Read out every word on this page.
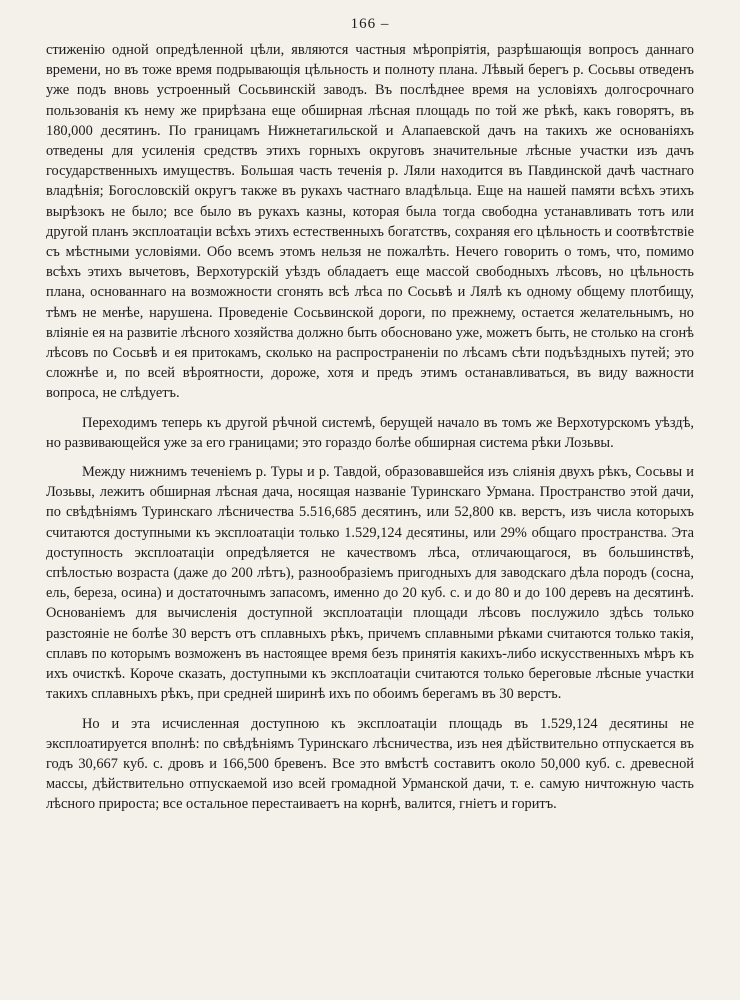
166 –

стиженію одной опредѣленной цѣли, являются частныя мѣропріятія, разрѣшающія вопросъ даннаго времени, но въ тоже время подрывающія цѣльность и полноту плана. Лѣвый берегъ р. Сосьвы отведенъ уже подъ вновь устроенный Сосьвинскій заводъ. Въ послѣднее время на условіяхъ долгосрочнаго пользованія къ нему же прирѣзана еще обширная лѣсная площадь по той же рѣкѣ, какъ говорятъ, въ 180,000 десятинъ. По границамъ Нижнетагильской и Алапаевской дачъ на такихъ же основаніяхъ отведены для усиленія средствъ этихъ горныхъ округовъ значительные лѣсные участки изъ дачъ государственныхъ имуществъ. Большая часть теченія р. Ляли находится въ Павдинской дачѣ частнаго владѣнія; Богословскій округъ также въ рукахъ частнаго владѣльца. Еще на нашей памяти всѣхъ этихъ вырѣзокъ не было; все было въ рукахъ казны, которая была тогда свободна устанавливать тотъ или другой планъ эксплоатаціи всѣхъ этихъ естественныхъ богатствъ, сохраняя его цѣльность и соотвѣтствіе съ мѣстными условіями. Обо всемъ этомъ нельзя не пожалѣть. Нечего говорить о томъ, что, помимо всѣхъ этихъ вычетовъ, Верхотурскій уѣздъ обладаетъ еще массой свободныхъ лѣсовъ, но цѣльность плана, основаннаго на возможности сгонять всѣ лѣса по Сосьвѣ и Лялѣ къ одному общему плотбищу, тѣмъ не менѣе, нарушена. Проведеніе Сосьвинской дороги, по прежнему, остается желательнымъ, но вліяніе ея на развитіе лѣсного хозяйства должно быть обосновано уже, можетъ быть, не столько на сгонѣ лѣсовъ по Сосьвѣ и ея притокамъ, сколько на распространеніи по лѣсамъ сѣти подъѣздныхъ путей; это сложнѣе и, по всей вѣроятности, дороже, хотя и предъ этимъ останавливаться, въ виду важности вопроса, не слѣдуетъ.

Переходимъ теперь къ другой рѣчной системѣ, берущей начало въ томъ же Верхотурскомъ уѣздѣ, но развивающейся уже за его границами; это гораздо болѣе обширная система рѣки Лозьвы.

Между нижнимъ теченіемъ р. Туры и р. Тавдой, образовавшейся изъ слiянія двухъ рѣкъ, Сосьвы и Лозьвы, лежитъ обширная лѣсная дача, носящая названіе Туринскаго Урмана. Пространство этой дачи, по свѣдѣніямъ Туринскаго лѣсничества 5.516,685 десятинъ, или 52,800 кв. верстъ, изъ числа которыхъ считаются доступными къ эксплоатаціи только 1.529,124 десятины, или 29% общаго пространства. Эта доступность эксплоатаціи опредѣляется не качествомъ лѣса, отличающагося, въ большинствѣ, спѣлостью возраста (даже до 200 лѣтъ), разнообразіемъ пригодныхъ для заводскаго дѣла породъ (сосна, ель, береза, осина) и достаточнымъ запасомъ, именно до 20 куб. с. и до 80 и до 100 деревъ на десятинѣ. Основаніемъ для вычисленія доступной эксплоатаціи площади лѣсовъ послужило здѣсь только разстояніе не болѣе 30 верстъ отъ сплавныхъ рѣкъ, причемъ сплавными рѣками считаются только такія, сплавъ по которымъ возможенъ въ настоящее время безъ принятія какихъ-либо искусственныхъ мѣръ къ ихъ очисткѣ. Короче сказать, доступными къ эксплоатаціи считаются только береговые лѣсные участки такихъ сплавныхъ рѣкъ, при средней ширинѣ ихъ по обоимъ берегамъ въ 30 верстъ.

Но и эта исчисленная доступною къ эксплоатаціи площадь въ 1.529,124 десятины не эксплоатируется вполнѣ: по свѣдѣніямъ Туринскаго лѣсничества, изъ нея дѣйствительно отпускается въ годъ 30,667 куб. с. дровъ и 166,500 бревенъ. Все это вмѣстѣ составитъ около 50,000 куб. с. древесной массы, дѣйствительно отпускаемой изо всей громадной Урманской дачи, т. е. самую ничтожную часть лѣсного прироста; все остальное перестаиваетъ на корнѣ, валится, гніетъ и горитъ.
